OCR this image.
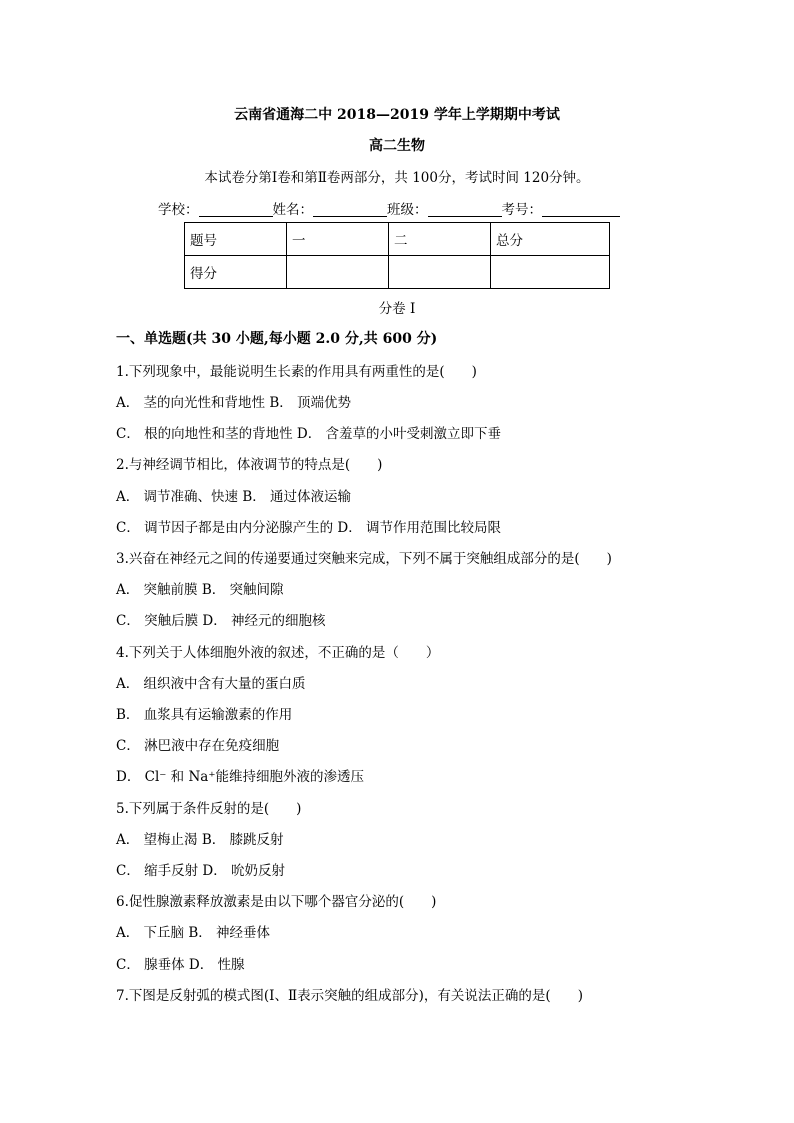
云南省通海二中 2018—2019 学年上学期期中考试
高二生物
本试卷分第Ⅰ卷和第Ⅱ卷两部分，共 100分，考试时间 120分钟。
学校：	姓名：	班级：	考号：
题号	一	二	总分
得分			
分卷 I
一、单选题(共 30 小题,每小题 2.0 分,共 600 分)
1.下列现象中，最能说明生长素的作用具有两重性的是(　　)
A． 茎的向光性和背地性 B． 顶端优势
C． 根的向地性和茎的背地性 D． 含羞草的小叶受刺激立即下垂
2.与神经调节相比，体液调节的特点是(　　)
A． 调节准确、快速 B． 通过体液运输
C． 调节因子都是由内分泌腺产生的 D． 调节作用范围比较局限
3.兴奋在神经元之间的传递要通过突触来完成，下列不属于突触组成部分的是(　　)
A． 突触前膜 B． 突触间隙
C． 突触后膜 D． 神经元的细胞核
4.下列关于人体细胞外液的叙述，不正确的是（　　）
A． 组织液中含有大量的蛋白质
B． 血浆具有运输激素的作用
C． 淋巴液中存在免疫细胞
D． Cl⁻ 和 Na⁺能维持细胞外液的渗透压
5.下列属于条件反射的是(　　)
A． 望梅止渴 B． 膝跳反射
C． 缩手反射 D． 吮奶反射
6.促性腺激素释放激素是由以下哪个器官分泌的(　　)
A． 下丘脑 B． 神经垂体
C． 腺垂体 D． 性腺
7.下图是反射弧的模式图(Ⅰ、Ⅱ表示突触的组成部分)，有关说法正确的是(　　)
